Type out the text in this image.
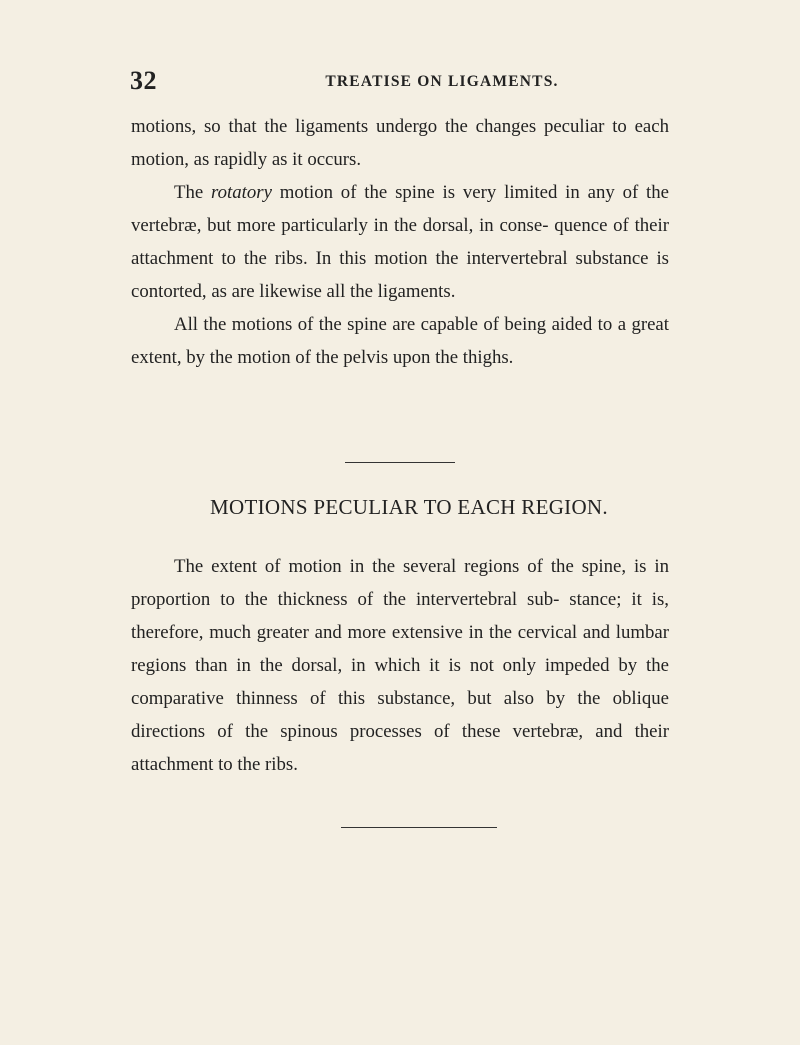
32	TREATISE ON LIGAMENTS.

motions, so that the ligaments undergo the changes peculiar to each motion, as rapidly as it occurs.

The rotatory motion of the spine is very limited in any of the vertebræ, but more particularly in the dorsal, in conse- quence of their attachment to the ribs. In this motion the intervertebral substance is contorted, as are likewise all the ligaments.

All the motions of the spine are capable of being aided to a great extent, by the motion of the pelvis upon the thighs.

MOTIONS PECULIAR TO EACH REGION.

The extent of motion in the several regions of the spine, is in proportion to the thickness of the intervertebral sub- stance; it is, therefore, much greater and more extensive in the cervical and lumbar regions than in the dorsal, in which it is not only impeded by the comparative thinness of this substance, but also by the oblique directions of the spinous processes of these vertebræ, and their attachment to the ribs.
